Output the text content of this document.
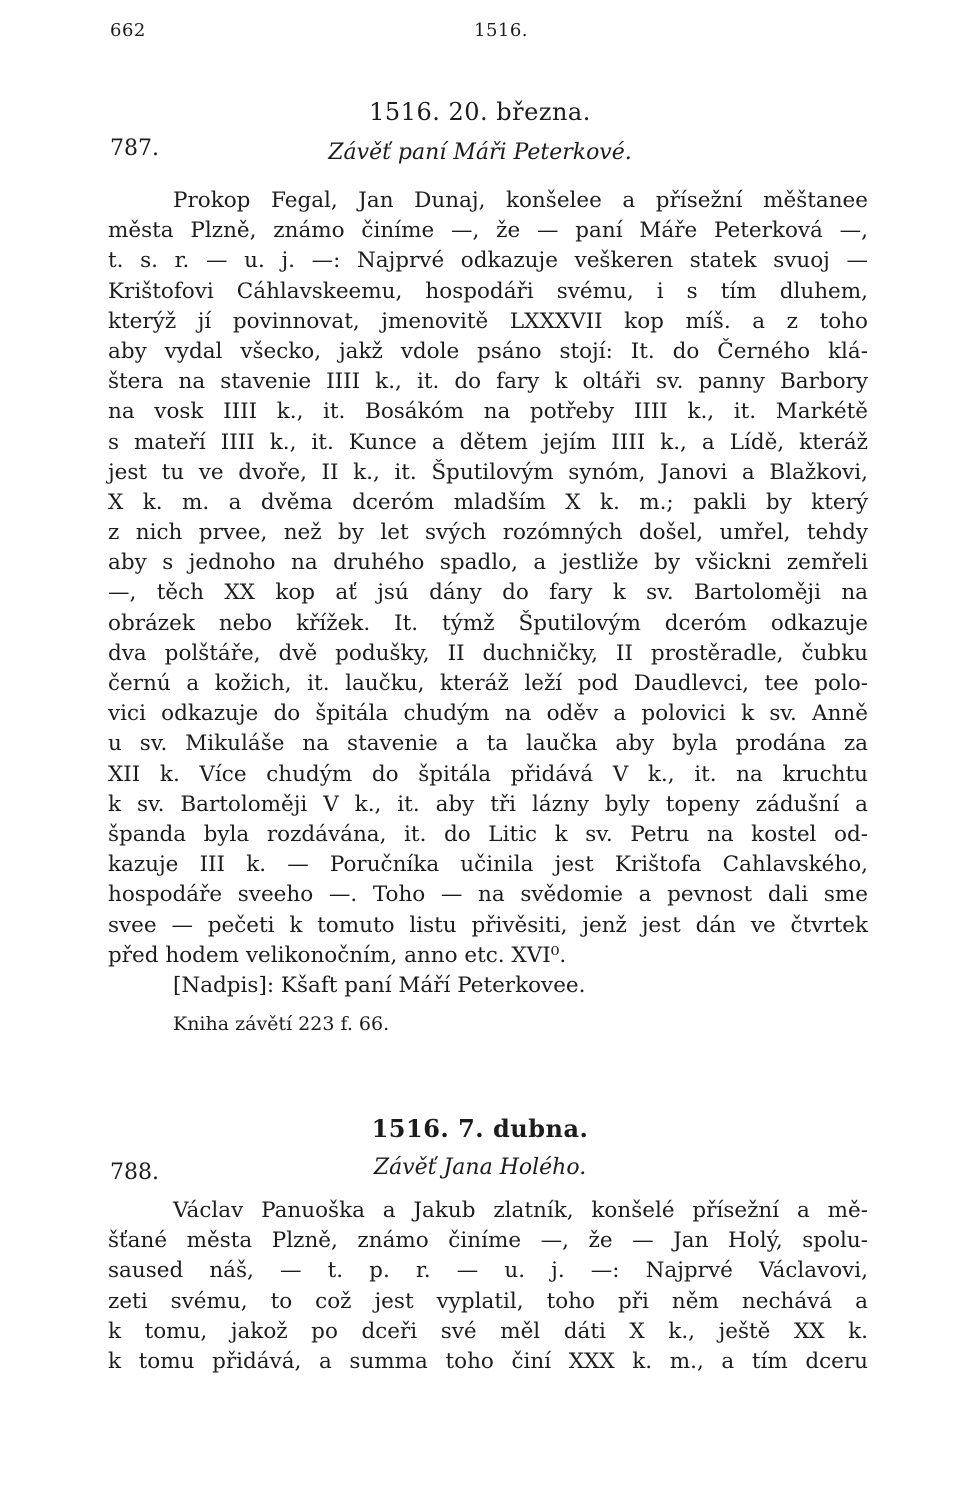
662	1516.
787.
1516. 20. března.
Závěť paní Máři Peterkové.
Prokop Fegal, Jan Dunaj, konšelee a přísežní měštanee
města Plzně, známo činíme —, že — paní Máře Peterková —,
t. s. r. — u. j. —: Najprvé odkazuje veškeren statek svuoj —
Krištofovi Cáhlavskeemu, hospodáři svému, i s tím dluhem,
kterýž jí povinnovat, jmenovitě LXXXVII kop míš. a z toho
aby vydal všecko, jakž vdole psáno stojí: It. do Černého klá-
štera na stavenie IIII k., it. do fary k oltáři sv. panny Barbory
na vosk IIII k., it. Bosákóm na potřeby IIII k., it. Markétě
s mateří IIII k., it. Kunce a dětem jejím IIII k., a Lídě, kteráž
jest tu ve dvoře, II k., it. Šputilovým synóm, Janovi a Blažkovi,
X k. m. a dvěma dceróm mladším X k. m.; pakli by který
z nich prvee, než by let svých rozómných došel, umřel, tehdy
aby s jednoho na druhého spadlo, a jestliže by všickni zemřeli
—, těch XX kop ať jsú dány do fary k sv. Bartoloměji na
obrázek nebo křížek. It. týmž Šputilovým dceróm odkazuje
dva polštáře, dvě podušky, II duchničky, II prostěradle, čubku
černú a kožich, it. laučku, kteráž leží pod Daudlevci, tee polo-
vici odkazuje do špitála chudým na oděv a polovici k sv. Anně
u sv. Mikuláše na stavenie a ta laučka aby byla prodána za
XII k. Více chudým do špitála přidává V k., it. na kruchtu
k sv. Bartoloměji V k., it. aby tři lázny byly topeny zádušní a
španda byla rozdávána, it. do Litic k sv. Petru na kostel od-
kazuje III k. — Poručníka učinila jest Krištofa Cahlavského,
hospodáře sveeho —. Toho — na svědomie a pevnost dali sme
svee — pečeti k tomuto listu přivěsiti, jenž jest dán ve čtvrtek
před hodem velikonočním, anno etc. XVI⁰.
[Nadpis]: Kšaft paní Máří Peterkovee.
Kniha závětí 223 f. 66.
788.
1516. 7. dubna.
Závěť Jana Holého.
Václav Panuoška a Jakub zlatník, konšelé přísežní a mě-
šťané města Plzně, známo činíme —, že — Jan Holý, spolu-
saused náš, — t. p. r. — u. j. —: Najprvé Václavovi,
zeti svému, to což jest vyplatil, toho při něm nechává a
k tomu, jakož po dceři své měl dáti X k., ještě XX k.
k tomu přidává, a summa toho činí XXX k. m., a tím dceru
